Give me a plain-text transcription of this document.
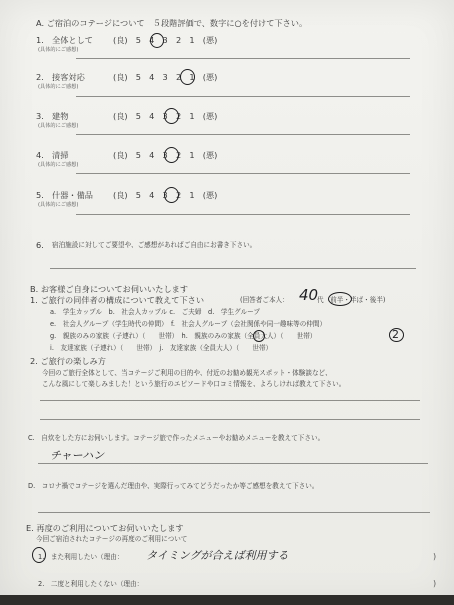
A. ご宿泊のコテージについて　５段階評価で、数字に○を付けて下さい。
1. 全体として (良)　5　4　3　2　1　(悪)
(具体的にご感想)
2. 接客対応	(良)　5　4　3　2　1　(悪)
(具体的にご感想)
3. 建物	(良)　5　4　3　2　1　(悪)
(具体的にご感想)
4. 清掃	(良)　5　4　3　2　1　(悪)
(具体的にご感想)
5. 什器・備品 (良)　5　4　3　2　1　(悪)
(具体的にご感想)
6. 宿泊施設に対してご要望や、ご感想があればご自由にお書き下さい。
B. お客様ご自身についてお伺いいたします
1. ご旅行の同伴者の構成について教えて下さい	(回答者ご本人： 40
代　前半・半ば・後半)
a.　学生カップル　b.　社会人カップル c.　ご夫婦　d.　学生グループ
e.　社会人グループ（学生時代の仲間）　f.　社会人グループ（会社関係や同一趣味等の仲間）
g.　親族のみの家族（子連れ）（　　世帯）　h.　親族のみの家族（全員大人）（　　世帯）	2
i.　友達家族（子連れ）（　　世帯）　j.　友達家族（全員大人）（　　世帯）
2. ご旅行の楽しみ方
今回のご旅行全体として、当コテージご利用の目的や、付近のお勧め観光スポット・体験談など、
こんな風にして楽しみました！という旅行のエピソードや口コミ情報を、よろしければ教えて下さい。
C.　自炊をした方にお伺いします。コテージ旅で作ったメニューやお勧めメニューを教えて下さい。
チャーハン
D.　コロナ禍でコテージを選んだ理由や、実際行ってみてどうだったか等ご感想を教えて下さい。
E. 再度のご利用についてお伺いいたします
今回ご宿泊されたコテージの再度のご利用について
1.　また利用したい（理由： タイミングが合えば利用する	)
2.　二度と利用したくない（理由：	)
